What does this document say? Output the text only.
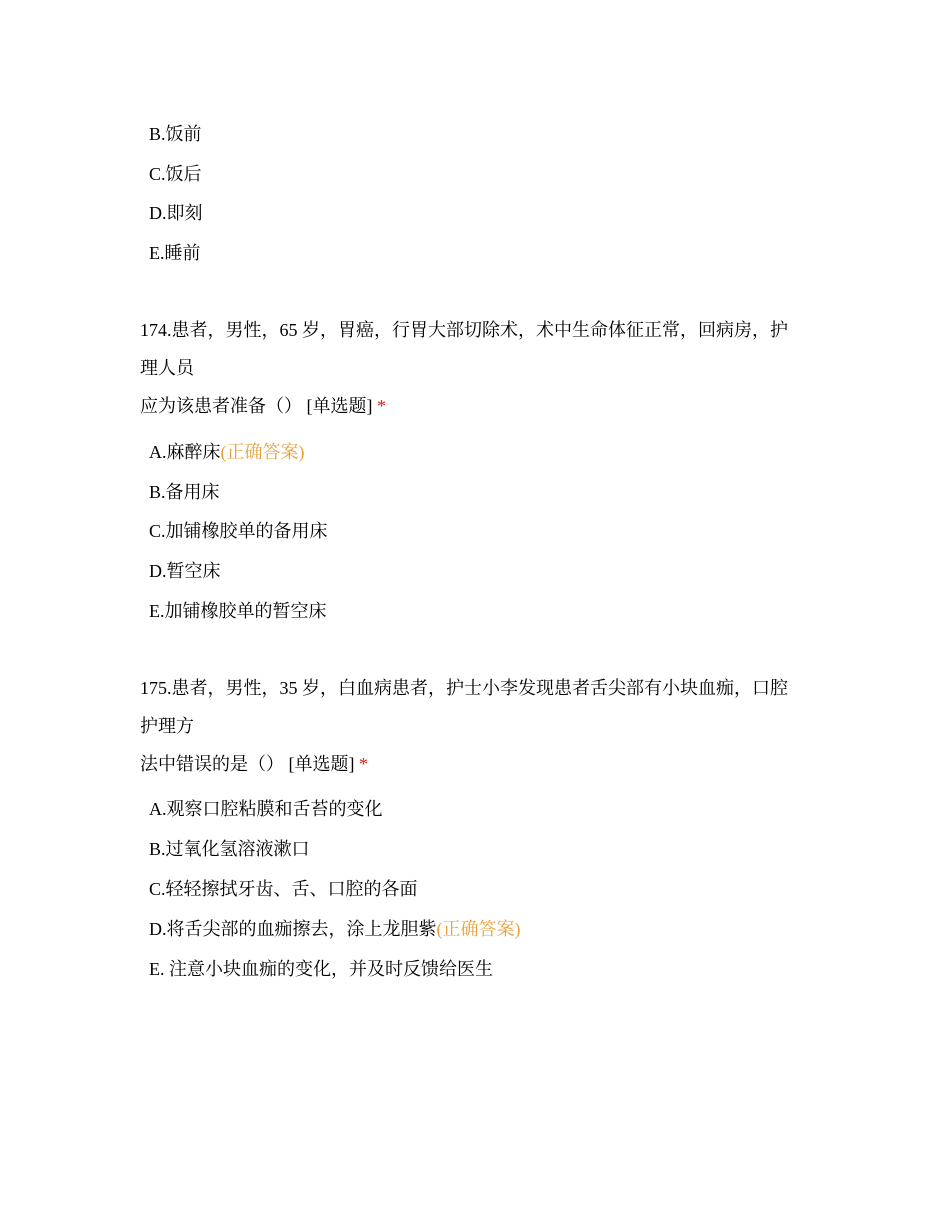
B.饭前
C.饭后
D.即刻
E.睡前
174.患者，男性，65 岁，胃癌，行胃大部切除术，术中生命体征正常，回病房，护
理人员
应为该患者准备（） [单选题] *
A.麻醉床(正确答案)
B.备用床
C.加铺橡胶单的备用床
D.暂空床
E.加铺橡胶单的暂空床
175.患者，男性，35 岁，白血病患者，护士小李发现患者舌尖部有小块血痂，口腔
护理方
法中错误的是（） [单选题] *
A.观察口腔粘膜和舌苔的变化
B.过氧化氢溶液漱口
C.轻轻擦拭牙齿、舌、口腔的各面
D.将舌尖部的血痂擦去，涂上龙胆紫(正确答案)
E. 注意小块血痂的变化，并及时反馈给医生
